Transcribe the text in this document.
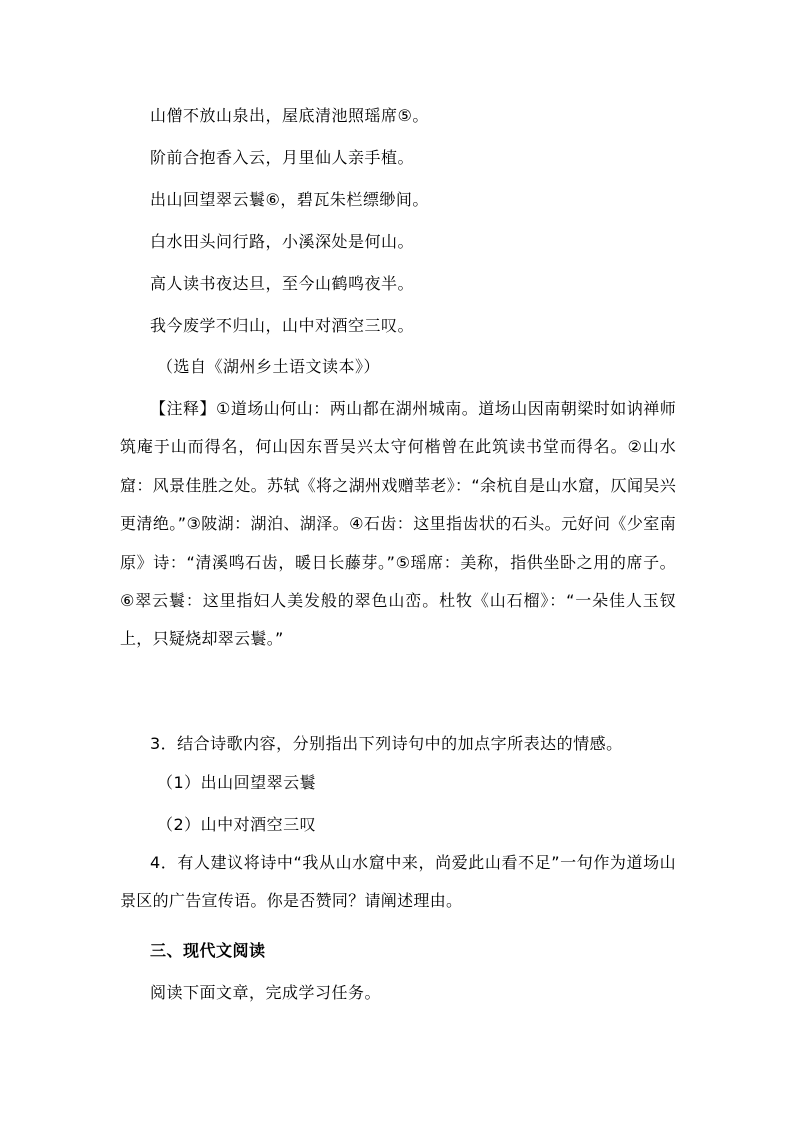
山僧不放山泉出，屋底清池照瑶席⑤。
阶前合抱香入云，月里仙人亲手植。
出山回望翠云鬟⑥，碧瓦朱栏缥缈间。
白水田头问行路，小溪深处是何山。
高人读书夜达旦，至今山鹤鸣夜半。
我今废学不归山，山中对酒空三叹。
（选自《湖州乡土语文读本》）
【注释】①道场山何山：两山都在湖州城南。道场山因南朝梁时如讷禅师筑庵于山而得名，何山因东晋吴兴太守何楷曾在此筑读书堂而得名。②山水窟：风景佳胜之处。苏轼《将之湖州戏赠莘老》：“余杭自是山水窟，仄闻吴兴更清绝。”③陂湖：湖泊、湖泽。④石齿：这里指齿状的石头。元好问《少室南原》诗：“清溪鸣石齿，暖日长藤芽。”⑤瑶席：美称，指供坐卧之用的席子。⑥翠云鬟：这里指妇人美发般的翠色山峦。杜牧《山石榴》：“一朵佳人玉钗上，只疑烧却翠云鬟。”
3．结合诗歌内容，分别指出下列诗句中的加点字所表达的情感。
（1）出山回望翠云鬟
（2）山中对酒空三叹
4．有人建议将诗中“我从山水窟中来，尚爱此山看不足”一句作为道场山景区的广告宣传语。你是否赞同？请阐述理由。
三、现代文阅读
阅读下面文章，完成学习任务。
